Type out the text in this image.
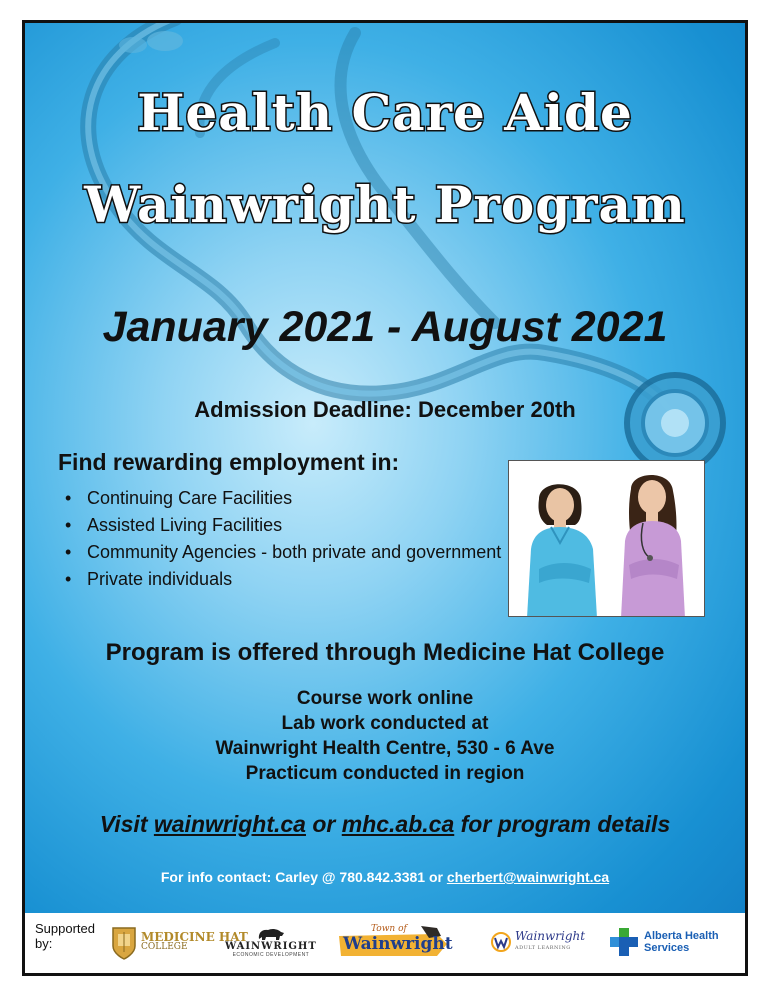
Health Care Aide
Wainwright Program
January 2021 - August 2021
Admission Deadline: December 20th
Find rewarding employment in:
• Continuing Care Facilities
• Assisted Living Facilities
• Community Agencies - both private and government
• Private individuals
Program is offered through Medicine Hat College
Course work online
Lab work conducted at
Wainwright Health Centre, 530 - 6 Ave
Practicum conducted in region
Visit wainwright.ca or mhc.ab.ca for program details
For info contact: Carley @ 780.842.3381 or cherbert@wainwright.ca
Supported by:	MEDICINE HAT
COLLEGE	WAINWRIGHT
ECONOMIC DEVELOPMENT
Town of
Wainwright	Wainwright
ADULT LEARNING
Alberta Health
Services
